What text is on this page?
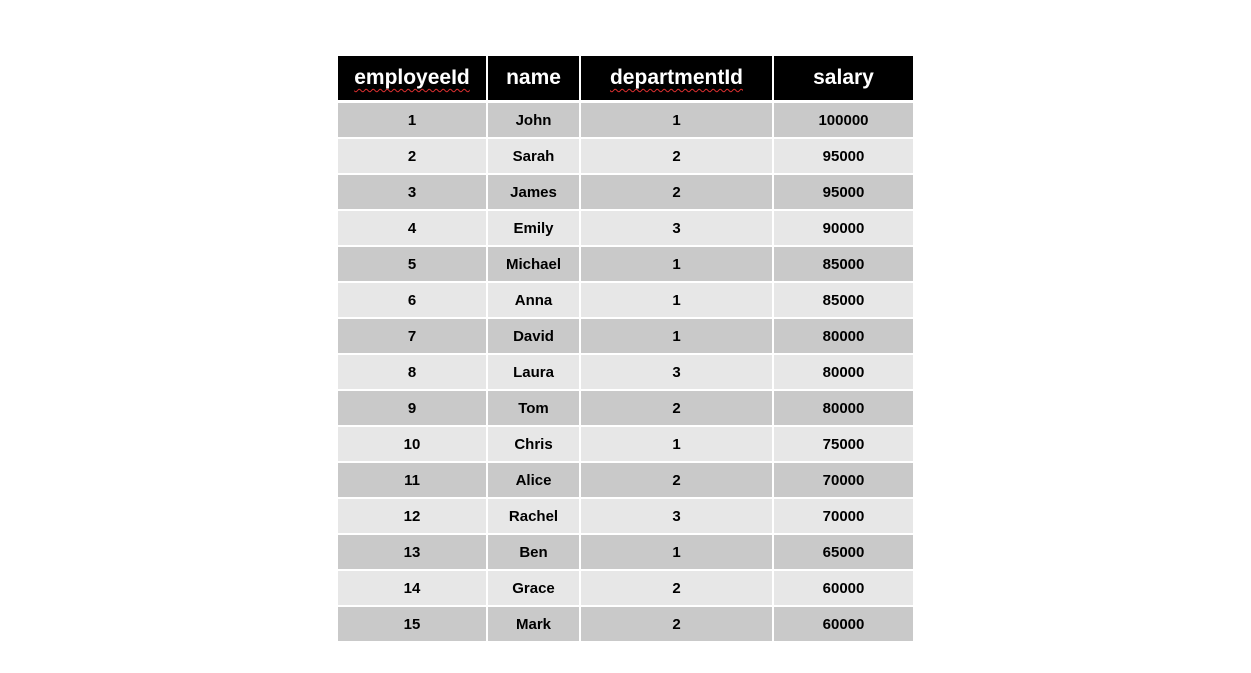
employeeId	name	departmentId	salary
1	John	1	100000
2	Sarah	2	95000
3	James	2	95000
4	Emily	3	90000
5	Michael	1	85000
6	Anna	1	85000
7	David	1	80000
8	Laura	3	80000
9	Tom	2	80000
10	Chris	1	75000
11	Alice	2	70000
12	Rachel	3	70000
13	Ben	1	65000
14	Grace	2	60000
15	Mark	2	60000
